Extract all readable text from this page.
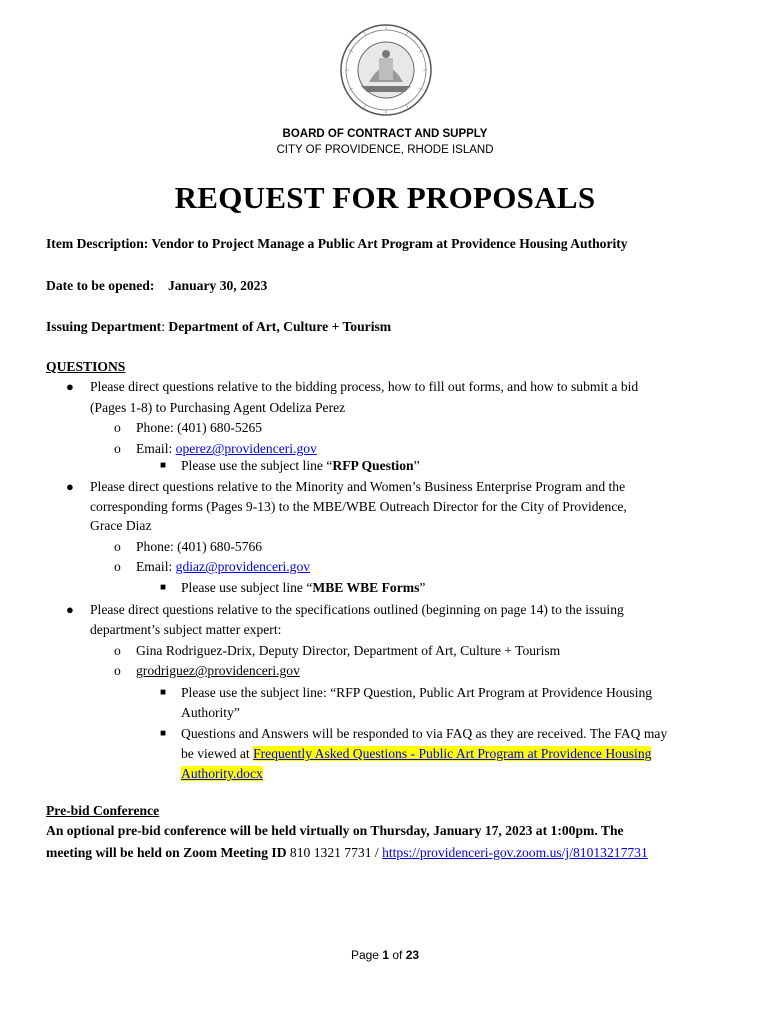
BOARD OF CONTRACT AND SUPPLY
CITY OF PROVIDENCE, RHODE ISLAND
REQUEST FOR PROPOSALS
Item Description: Vendor to Project Manage a Public Art Program at Providence Housing Authority
Date to be opened: January 30, 2023
Issuing Department: Department of Art, Culture + Tourism
QUESTIONS
● Please direct questions relative to the bidding process, how to fill out forms, and how to submit a bid
(Pages 1-8) to Purchasing Agent Odeliza Perez
o Phone: (401) 680-5265
o Email: operez@providenceri.gov
■ Please use the subject line “RFP Question”
● Please direct questions relative to the Minority and Women’s Business Enterprise Program and the
corresponding forms (Pages 9-13) to the MBE/WBE Outreach Director for the City of Providence,
Grace Diaz
o Phone: (401) 680-5766
o Email: gdiaz@providenceri.gov
■ Please use subject line “MBE WBE Forms”
● Please direct questions relative to the specifications outlined (beginning on page 14) to the issuing
department’s subject matter expert:
o Gina Rodriguez-Drix, Deputy Director, Department of Art, Culture + Tourism
o grodriguez@providenceri.gov
■ Please use the subject line: “RFP Question, Public Art Program at Providence Housing
Authority”
■ Questions and Answers will be responded to via FAQ as they are received. The FAQ may
be viewed at Frequently Asked Questions - Public Art Program at Providence Housing
Authority.docx
Pre-bid Conference
An optional pre-bid conference will be held virtually on Thursday, January 17, 2023 at 1:00pm. The
meeting will be held on Zoom Meeting ID 810 1321 7731 / https://providenceri-gov.zoom.us/j/81013217731
Page 1 of 23
